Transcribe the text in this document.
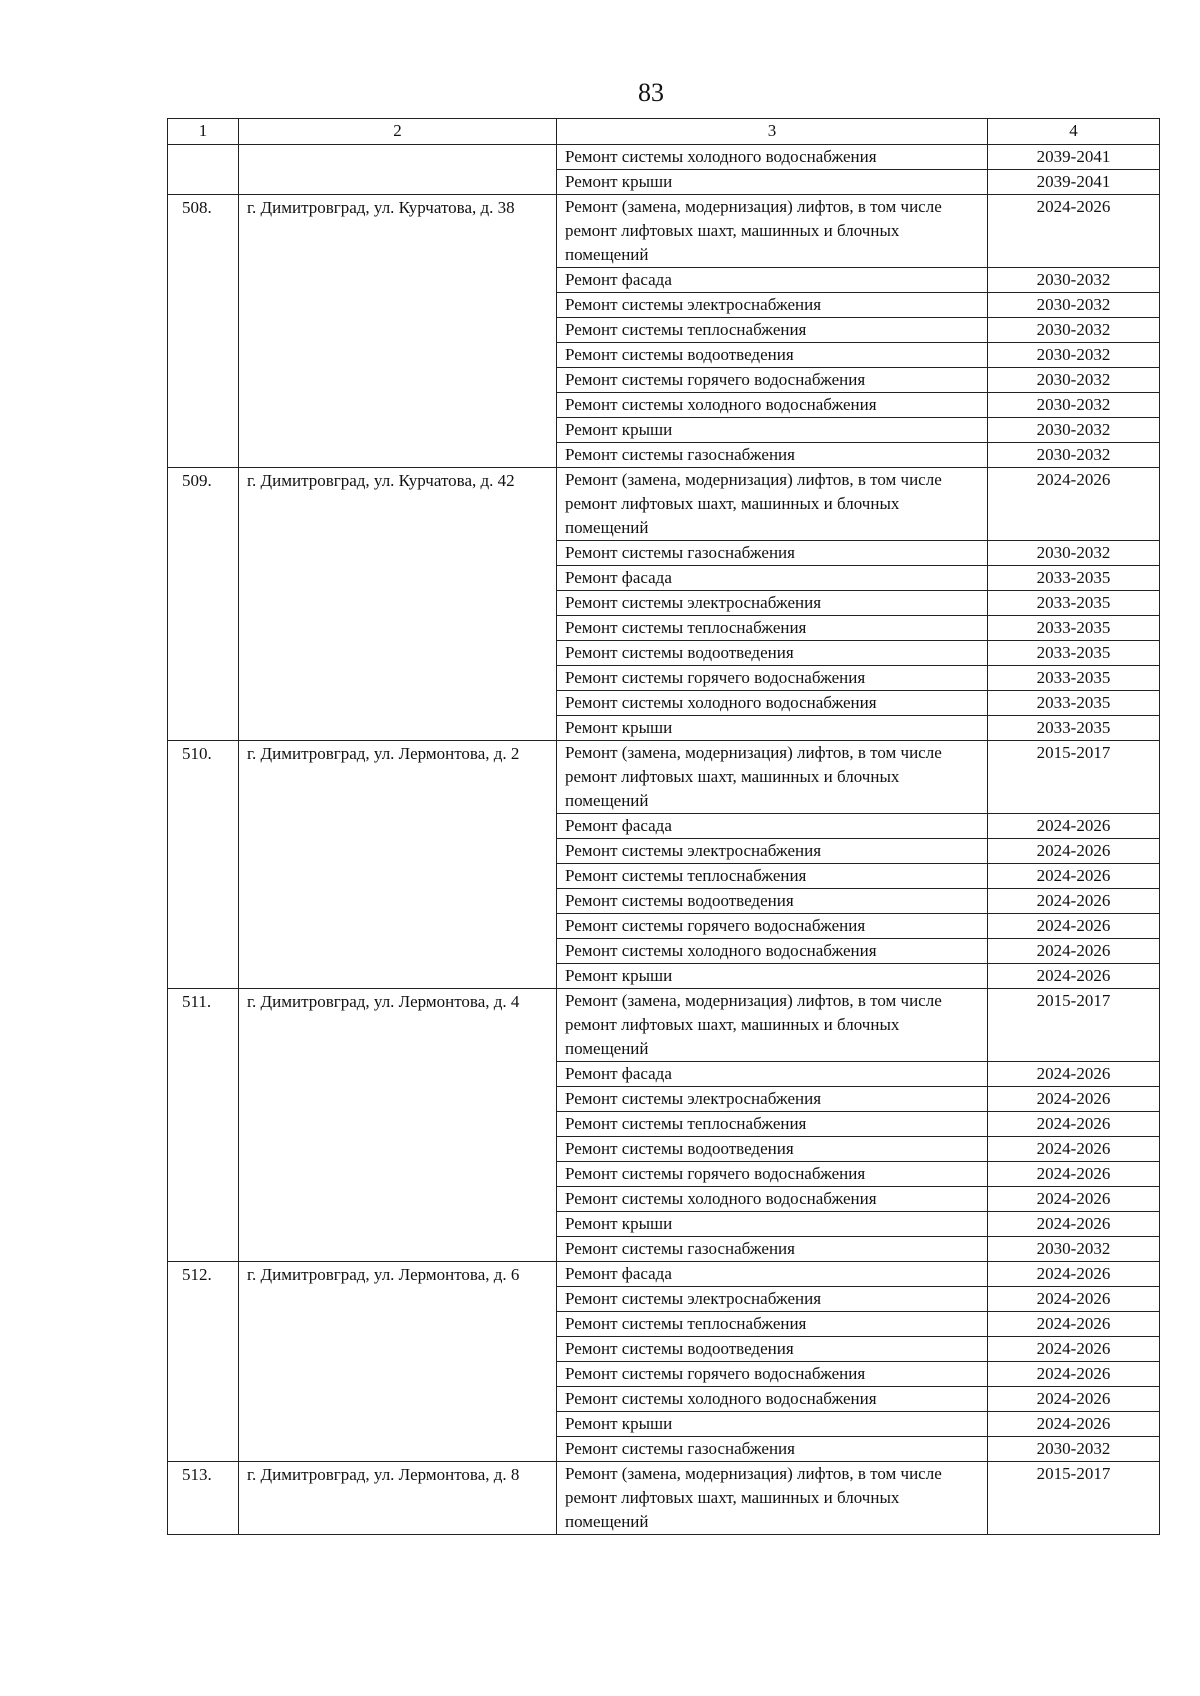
83
1	2	3	4
		Ремонт системы холодного водоснабжения	2039-2041
		Ремонт крыши	2039-2041
508.	г. Димитровград, ул. Курчатова, д. 38	Ремонт (замена, модернизация) лифтов, в том числе ремонт лифтовых шахт, машинных и блочных помещений	2024-2026
		Ремонт фасада	2030-2032
		Ремонт системы электроснабжения	2030-2032
		Ремонт системы теплоснабжения	2030-2032
		Ремонт системы водоотведения	2030-2032
		Ремонт системы горячего водоснабжения	2030-2032
		Ремонт системы холодного водоснабжения	2030-2032
		Ремонт крыши	2030-2032
		Ремонт системы газоснабжения	2030-2032
509.	г. Димитровград, ул. Курчатова, д. 42	Ремонт (замена, модернизация) лифтов, в том числе ремонт лифтовых шахт, машинных и блочных помещений	2024-2026
		Ремонт системы газоснабжения	2030-2032
		Ремонт фасада	2033-2035
		Ремонт системы электроснабжения	2033-2035
		Ремонт системы теплоснабжения	2033-2035
		Ремонт системы водоотведения	2033-2035
		Ремонт системы горячего водоснабжения	2033-2035
		Ремонт системы холодного водоснабжения	2033-2035
		Ремонт крыши	2033-2035
510.	г. Димитровград, ул. Лермонтова, д. 2	Ремонт (замена, модернизация) лифтов, в том числе ремонт лифтовых шахт, машинных и блочных помещений	2015-2017
		Ремонт фасада	2024-2026
		Ремонт системы электроснабжения	2024-2026
		Ремонт системы теплоснабжения	2024-2026
		Ремонт системы водоотведения	2024-2026
		Ремонт системы горячего водоснабжения	2024-2026
		Ремонт системы холодного водоснабжения	2024-2026
		Ремонт крыши	2024-2026
511.	г. Димитровград, ул. Лермонтова, д. 4	Ремонт (замена, модернизация) лифтов, в том числе ремонт лифтовых шахт, машинных и блочных помещений	2015-2017
		Ремонт фасада	2024-2026
		Ремонт системы электроснабжения	2024-2026
		Ремонт системы теплоснабжения	2024-2026
		Ремонт системы водоотведения	2024-2026
		Ремонт системы горячего водоснабжения	2024-2026
		Ремонт системы холодного водоснабжения	2024-2026
		Ремонт крыши	2024-2026
		Ремонт системы газоснабжения	2030-2032
512.	г. Димитровград, ул. Лермонтова, д. 6	Ремонт фасада	2024-2026
		Ремонт системы электроснабжения	2024-2026
		Ремонт системы теплоснабжения	2024-2026
		Ремонт системы водоотведения	2024-2026
		Ремонт системы горячего водоснабжения	2024-2026
		Ремонт системы холодного водоснабжения	2024-2026
		Ремонт крыши	2024-2026
		Ремонт системы газоснабжения	2030-2032
513.	г. Димитровград, ул. Лермонтова, д. 8	Ремонт (замена, модернизация) лифтов, в том числе ремонт лифтовых шахт, машинных и блочных помещений	2015-2017
